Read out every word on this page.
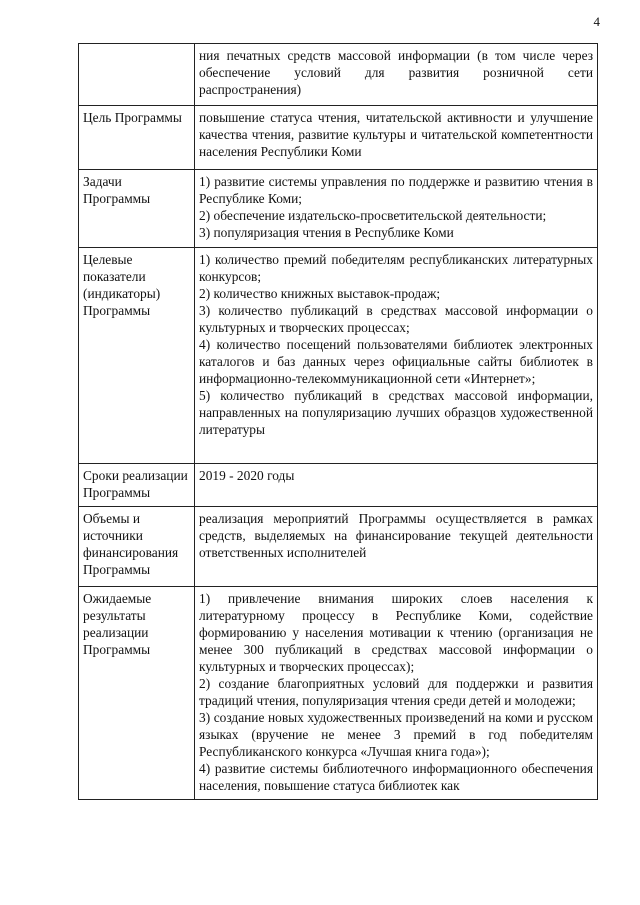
4

	ния печатных средств массовой информации (в том числе через обеспечение условий для развития розничной сети распространения)

Цель Программы	повышение статуса чтения, читательской активности и улучшение качества чтения, развитие культуры и читательской компетентности населения Республики Коми

Задачи Программы	1) развитие системы управления по поддержке и развитию чтения в Республике Коми;
2) обеспечение издательско-просветительской деятельности;
3) популяризация чтения в Республике Коми

Целевые показатели (индикаторы) Программы	1) количество премий победителям республиканских литературных конкурсов;
2) количество книжных выставок-продаж;
3) количество публикаций в средствах массовой информации о культурных и творческих процессах;
4) количество посещений пользователями библиотек электронных каталогов и баз данных через официальные сайты библиотек в информационно-телекоммуникационной сети «Интернет»;
5) количество публикаций в средствах массовой информации, направленных на популяризацию лучших образцов художественной литературы

Сроки реализации Программы	2019 - 2020 годы

Объемы и источники финансирования Программы	реализация мероприятий Программы осуществляется в рамках средств, выделяемых на финансирование текущей деятельности ответственных исполнителей

Ожидаемые результаты реализации Программы	1) привлечение внимания широких слоев населения к литературному процессу в Республике Коми, содействие формированию у населения мотивации к чтению (организация не менее 300 публикаций в средствах массовой информации о культурных и творческих процессах);
2) создание благоприятных условий для поддержки и развития традиций чтения, популяризация чтения среди детей и молодежи;
3) создание новых художественных произведений на коми и русском языках (вручение не менее 3 премий в год победителям Республиканского конкурса «Лучшая книга года»);
4) развитие системы библиотечного информационного обеспечения населения, повышение статуса библиотек как
